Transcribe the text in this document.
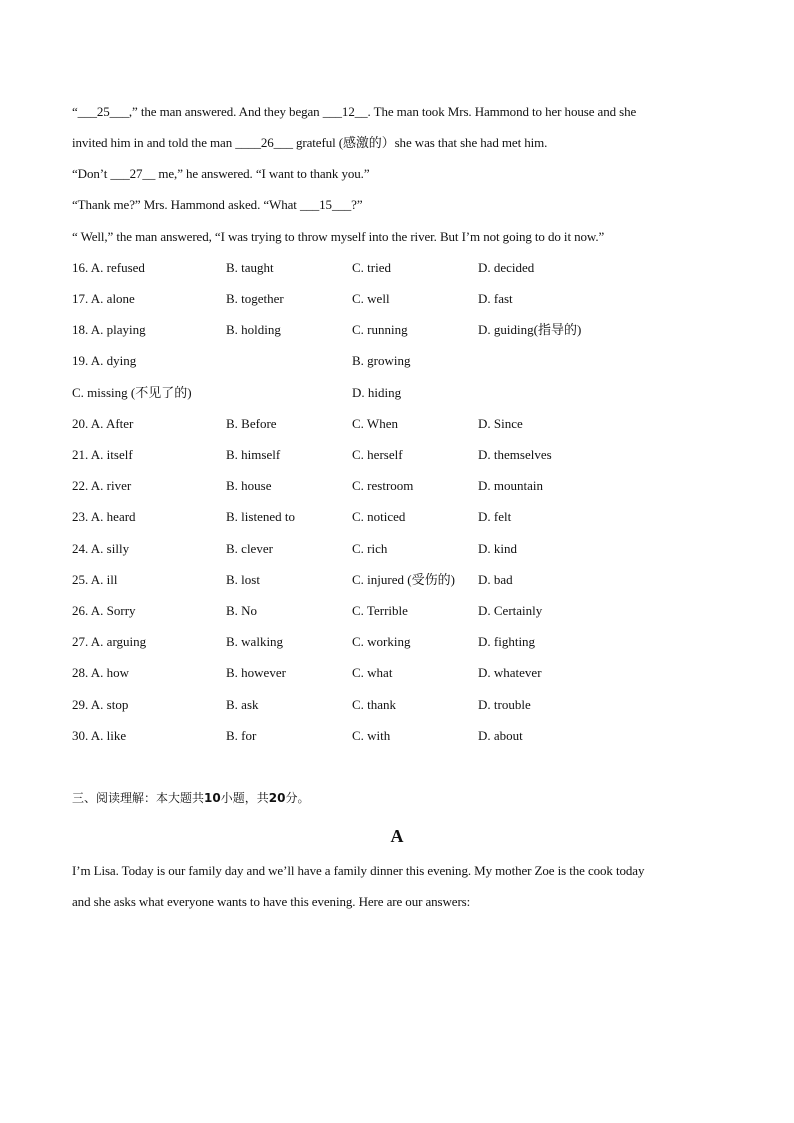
“___25___,” the man answered. And they began ___12__. The man took Mrs. Hammond to her house and she
invited him in and told the man ____26___ grateful (感激的）she was that she had met him.
“Don’t ___27__ me,” he answered. “I want to thank you.”
“Thank me?” Mrs. Hammond asked. “What ___15___?”
“ Well,” the man answered, “I was trying to throw myself into the river. But I’m not going to do it now.”
16. A. refused	B. taught	C. tried	D. decided
17. A. alone	B. together	C. well	D. fast
18. A. playing	B. holding	C. running	D. guiding(指导的)
19. A. dying	B. growing
C. missing (不见了的)	D. hiding
20. A. After	B. Before	C. When	D. Since
21. A. itself	B. himself	C. herself	D. themselves
22. A. river	B. house	C. restroom	D. mountain
23. A. heard	B. listened to	C. noticed	D. felt
24. A. silly	B. clever	C. rich	D. kind
25. A. ill	B. lost	C. injured (受伤的) D. bad
26. A. Sorry	B. No	C. Terrible	D. Certainly
27. A. arguing	B. walking	C. working	D. fighting
28. A. how	B. however	C. what	D. whatever
29. A. stop	B. ask	C. thank	D. trouble
30. A. like	B. for	C. with	D. about
三、阅读理解：本大题共10小题，共20分。
A
I’m Lisa. Today is our family day and we’ll have a family dinner this evening. My mother Zoe is the cook today
and she asks what everyone wants to have this evening. Here are our answers:
